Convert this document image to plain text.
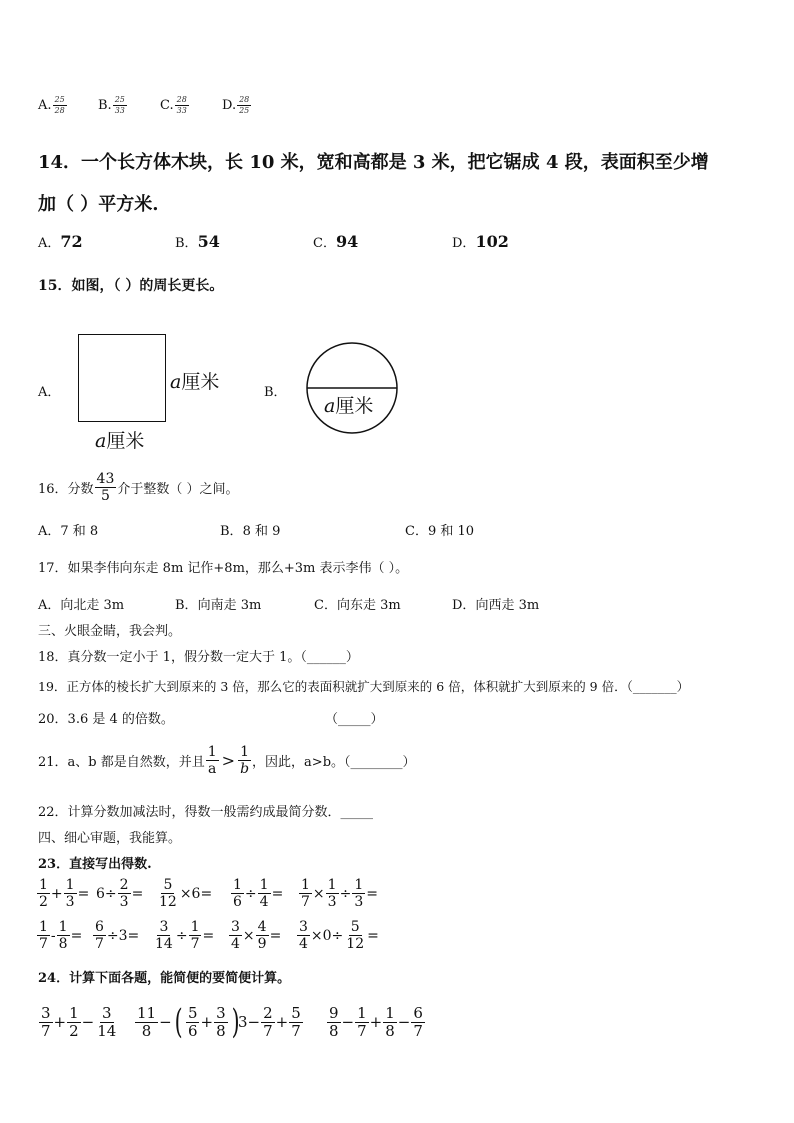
A. $\frac{25}{28} B$. $\frac{25}{33}$	C. $\frac{28}{33}$	D. $\frac{28}{25}$
14．一个长方体木块，长 10 米，宽和高都是 3 米，把它锯成 4 段，表面积至少增
加（ ）平方米.
A．72	B．54	C．94	D．102
15．如图，（ ）的周长更长。
A．	a厘米
a厘米
B．
a厘米
16．分数 $\frac{43}{5}$ 介于整数（ ）之间。
A．7 和 8	B．8 和 9	C．9 和 10
17．如果李伟向东走 8m 记作+8m，那么+3m 表示李伟（ ）。
A．向北走 3m	B．向南走 3m	C．向东走 3m	D．向西走 3m
三、火眼金睛，我会判。
18．真分数一定小于 1，假分数一定大于 1。（______）
19．正方体的棱长扩大到原来的 3 倍，那么它的表面积就扩大到原来的 6 倍，体积就扩大到原来的 9 倍．（_______）
20．3.6 是 4 的倍数。	（_____）
21．a、b 都是自然数，并且 $\frac{1}{a} > \frac{1}{b}$ ，因此，a>b。（________）
22．计算分数加减法时，得数一般需约成最简分数．_____
四、细心审题，我能算。
23．直接写出得数.
$\frac{1}{2} + \frac{1}{3} = 6\div \frac{2}{3} = \frac{5}{12} \times 6= \frac{1}{6} \div \frac{1}{4} = \frac{1}{7} \times \frac{1}{3} \div \frac{1}{3}$ =
$\frac{1}{7} - \frac{1}{8} = \frac{6}{7} \div 3= \frac{3}{14} \div \frac{1}{7} = \frac{3}{4} \times \frac{4}{9} = \frac{3}{4} \times 0\div \frac{5}{12}$ =
24．计算下面各题，能简便的要简便计算。
$\frac{3}{7} + \frac{1}{2} - \frac{3}{14} \frac{11}{8}$ − ( $\frac{5}{6} + \frac{3}{8}$ )
$3- \frac{2}{7} + \frac{5}{7} \frac{9}{8} - \frac{1}{7} + \frac{1}{8} - \frac{6}{7}$
